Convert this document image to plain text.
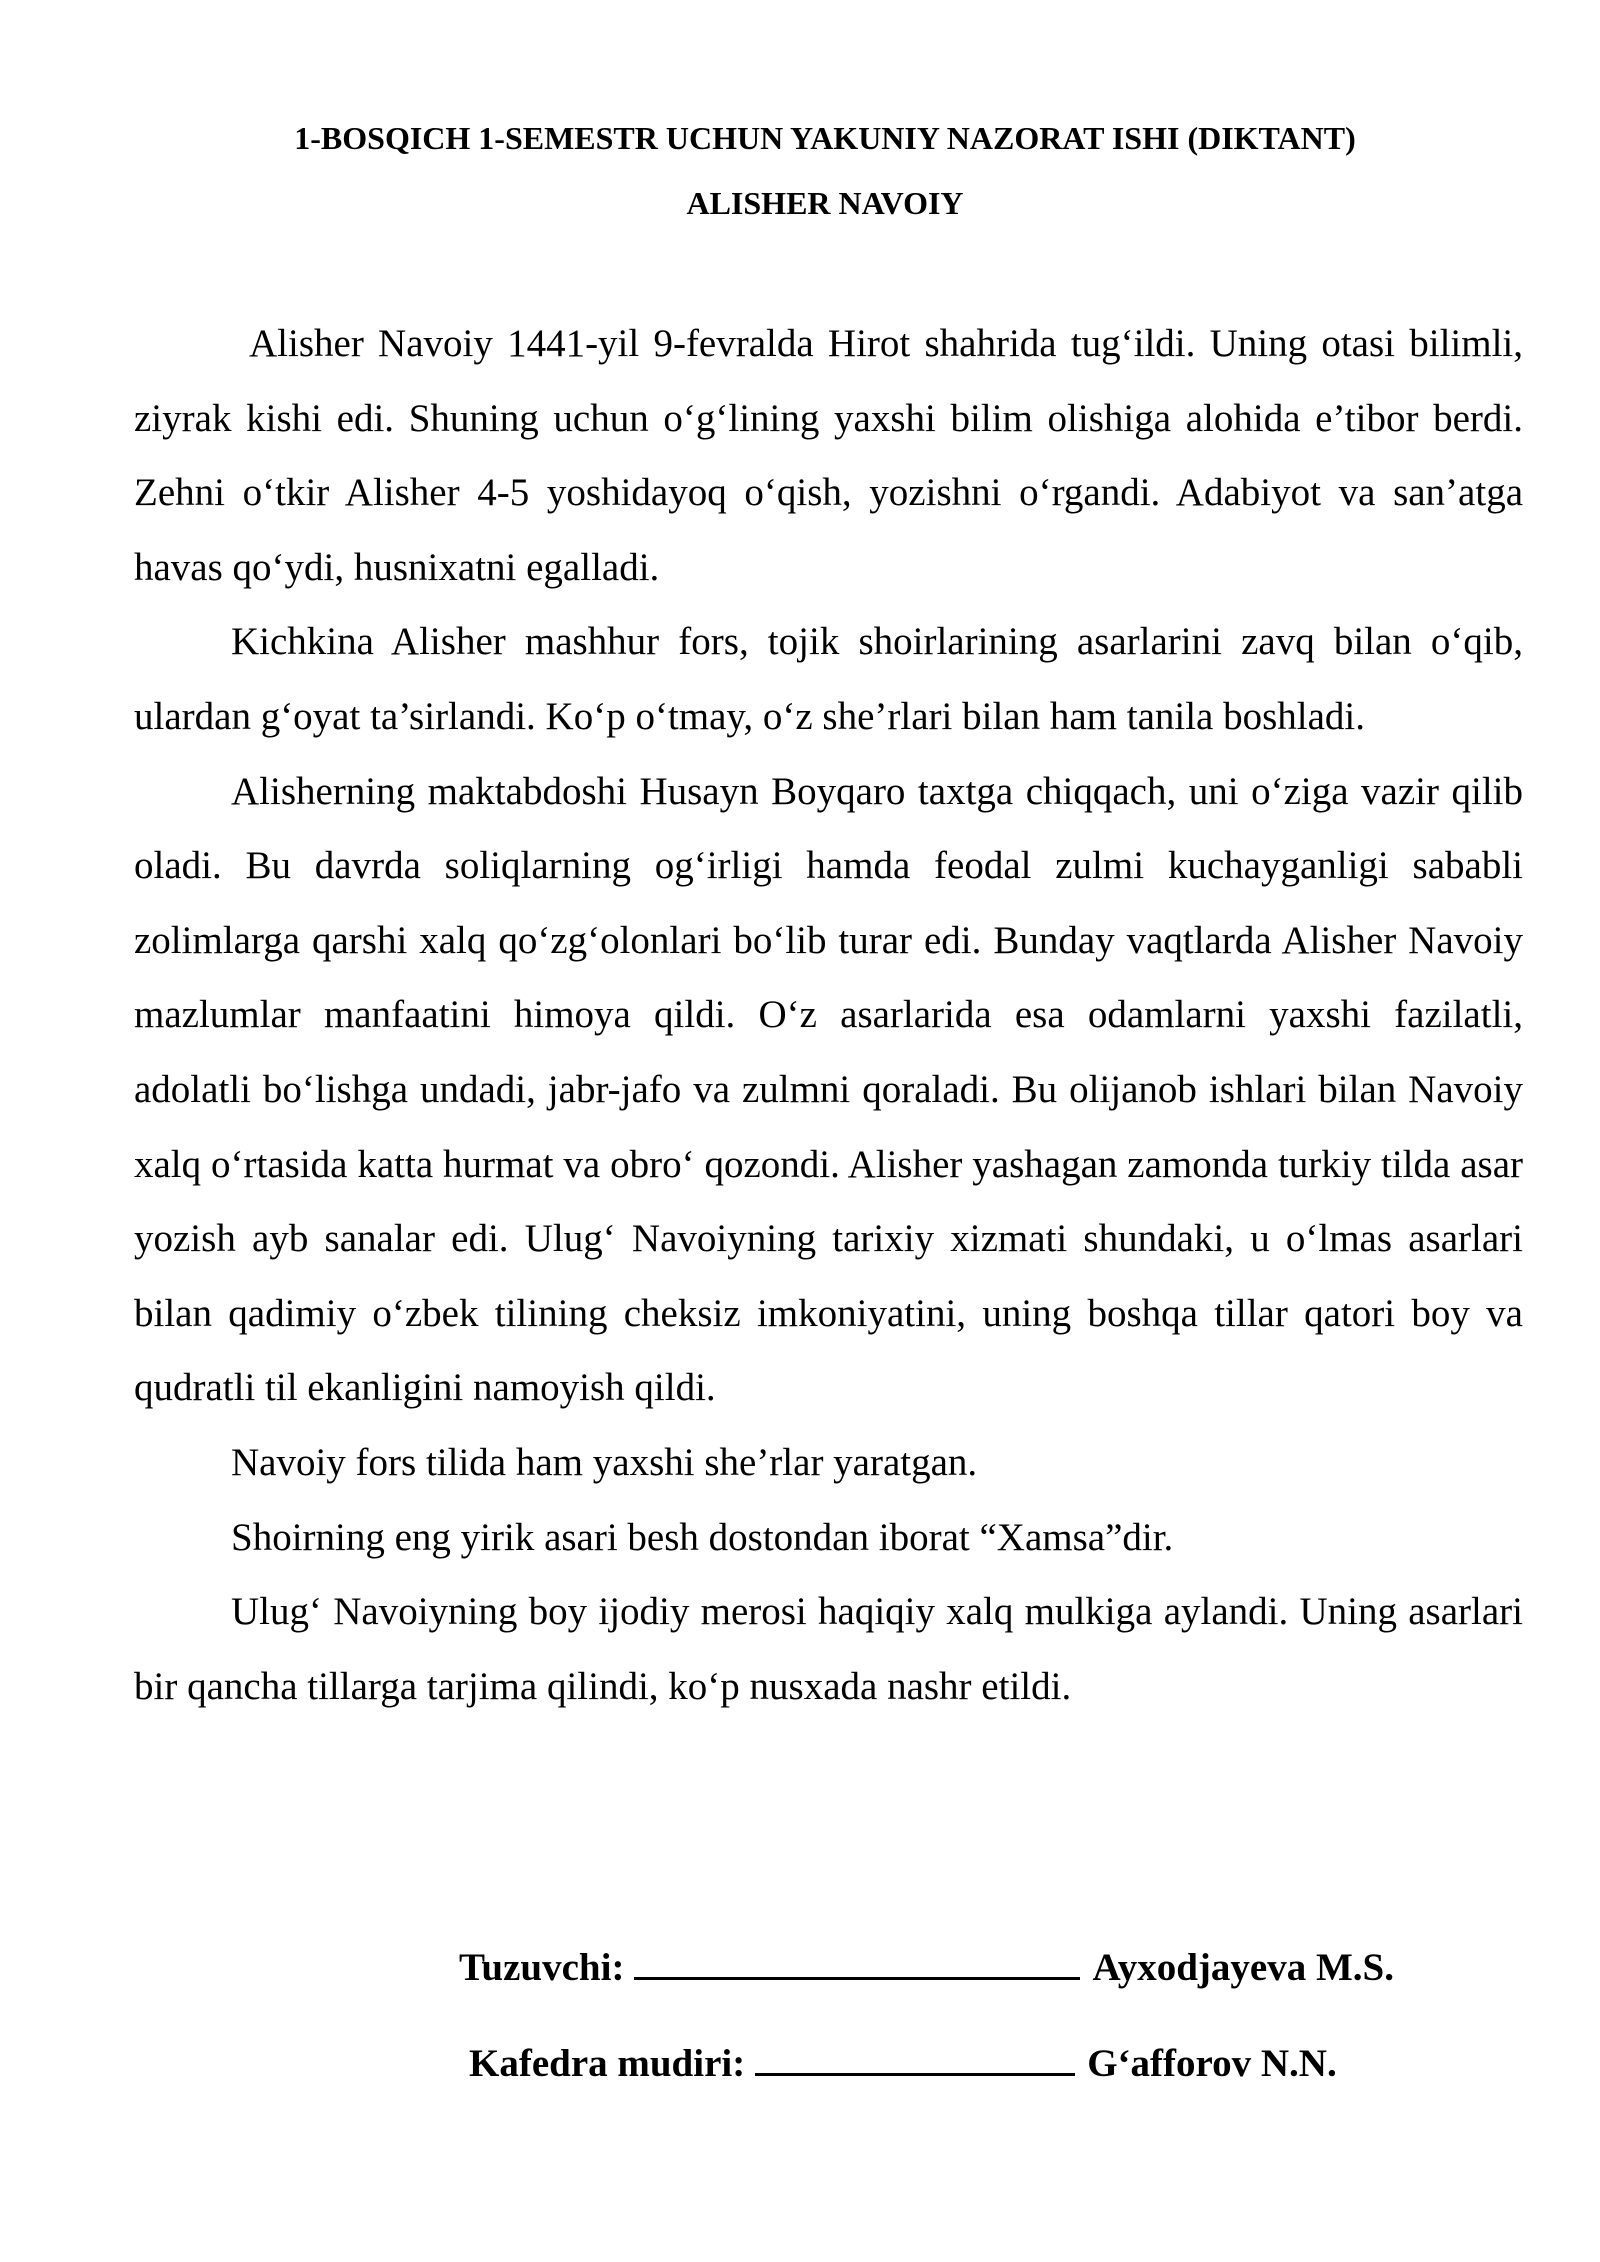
1-BOSQICH 1-SEMESTR UCHUN YAKUNIY NAZORAT ISHI (DIKTANT)
ALISHER NAVOIY

Alisher Navoiy 1441-yil 9-fevralda Hirot shahrida tug‘ildi. Uning otasi bilimli, ziyrak kishi edi. Shuning uchun o‘g‘lining yaxshi bilim olishiga alohida e’tibor berdi. Zehni o‘tkir Alisher 4-5 yoshidayoq o‘qish, yozishni o‘rgandi. Adabiyot va san’atga havas qo‘ydi, husnixatni egalladi.

Kichkina Alisher mashhur fors, tojik shoirlarining asarlarini zavq bilan o‘qib, ulardan g‘oyat ta’sirlandi. Ko‘p o‘tmay, o‘z she’rlari bilan ham tanila boshladi.

Alisherning maktabdoshi Husayn Boyqaro taxtga chiqqach, uni o‘ziga vazir qilib oladi. Bu davrda soliqlarning og‘irligi hamda feodal zulmi kuchayganligi sababli zolimlarga qarshi xalq qo‘zg‘olonlari bo‘lib turar edi. Bunday vaqtlarda Alisher Navoiy mazlumlar manfaatini himoya qildi. O‘z asarlarida esa odamlarni yaxshi fazilatli, adolatli bo‘lishga undadi, jabr-jafo va zulmni qoraladi. Bu olijanob ishlari bilan Navoiy xalq o‘rtasida katta hurmat va obro‘ qozondi. Alisher yashagan zamonda turkiy tilda asar yozish ayb sanalar edi. Ulug‘ Navoiyning tarixiy xizmati shundaki, u o‘lmas asarlari bilan qadimiy o‘zbek tilining cheksiz imkoniyatini, uning boshqa tillar qatori boy va qudratli til ekanligini namoyish qildi.

Navoiy fors tilida ham yaxshi she’rlar yaratgan.

Shoirning eng yirik asari besh dostondan iborat “Xamsa”dir.

Ulug‘ Navoiyning boy ijodiy merosi haqiqiy xalq mulkiga aylandi. Uning asarlari bir qancha tillarga tarjima qilindi, ko‘p nusxada nashr etildi.

Tuzuvchi:	Ayxodjayeva M.S.
Kafedra mudiri:	G‘afforov N.N.
